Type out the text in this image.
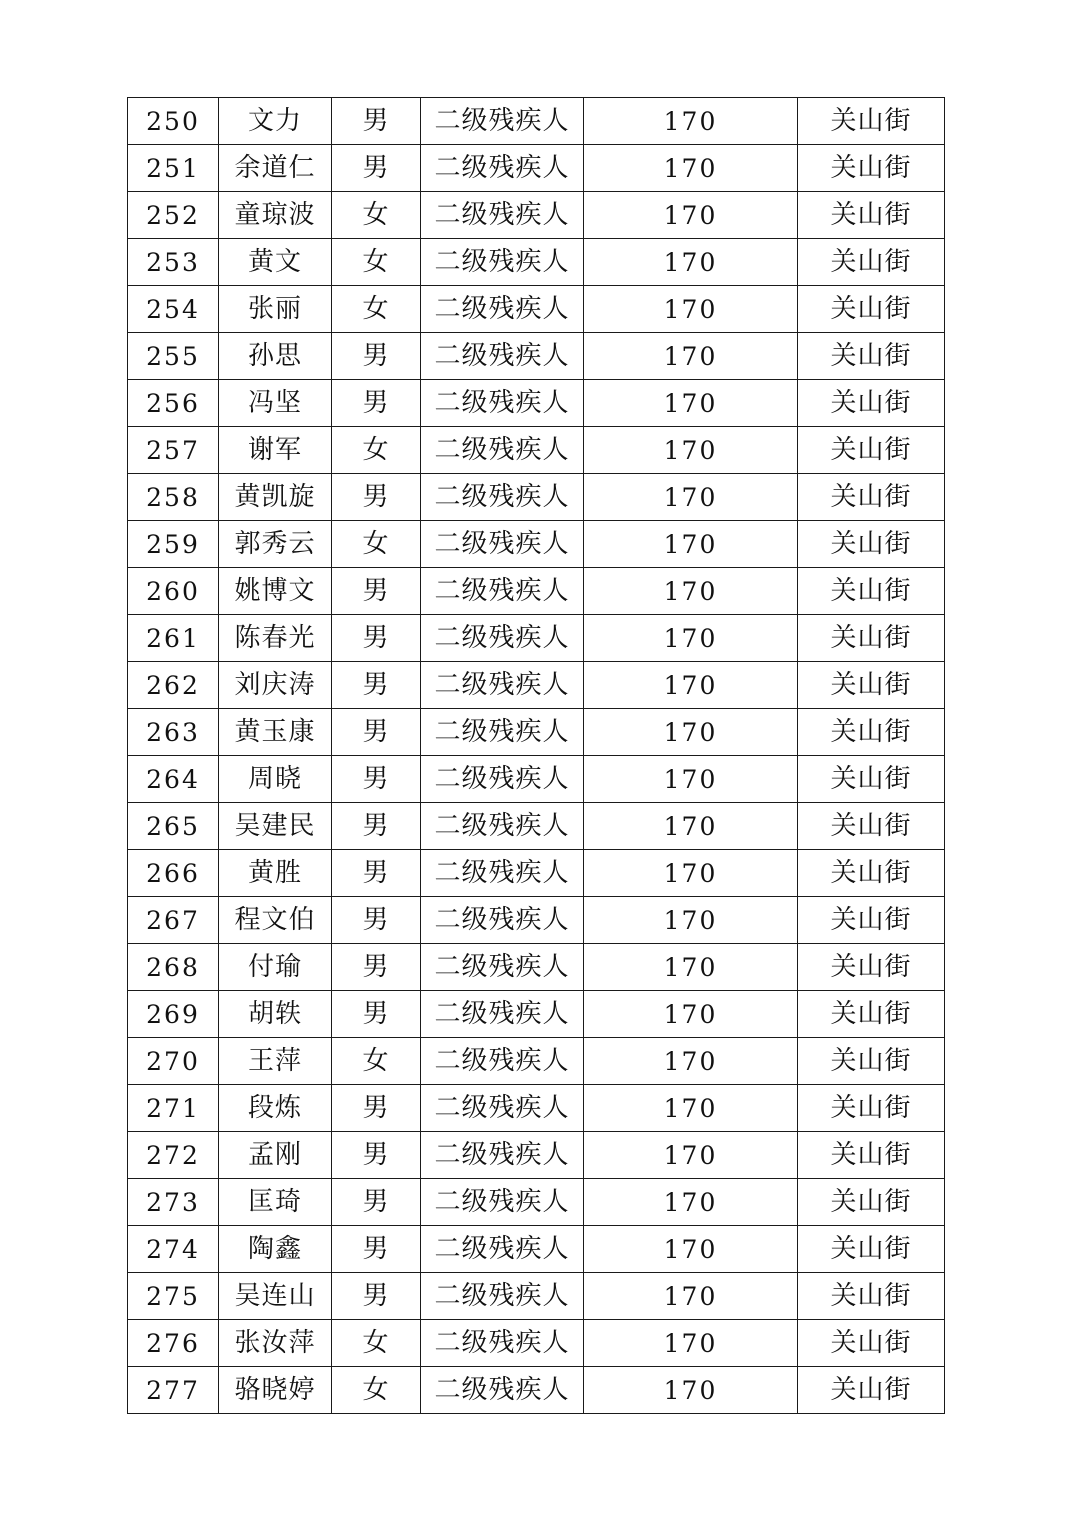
250	文力	男	二级残疾人	170	关山街
251	余道仁	男	二级残疾人	170	关山街
252	童琼波	女	二级残疾人	170	关山街
253	黄文	女	二级残疾人	170	关山街
254	张丽	女	二级残疾人	170	关山街
255	孙思	男	二级残疾人	170	关山街
256	冯坚	男	二级残疾人	170	关山街
257	谢军	女	二级残疾人	170	关山街
258	黄凯旋	男	二级残疾人	170	关山街
259	郭秀云	女	二级残疾人	170	关山街
260	姚博文	男	二级残疾人	170	关山街
261	陈春光	男	二级残疾人	170	关山街
262	刘庆涛	男	二级残疾人	170	关山街
263	黄玉康	男	二级残疾人	170	关山街
264	周晓	男	二级残疾人	170	关山街
265	吴建民	男	二级残疾人	170	关山街
266	黄胜	男	二级残疾人	170	关山街
267	程文伯	男	二级残疾人	170	关山街
268	付瑜	男	二级残疾人	170	关山街
269	胡轶	男	二级残疾人	170	关山街
270	王萍	女	二级残疾人	170	关山街
271	段炼	男	二级残疾人	170	关山街
272	孟刚	男	二级残疾人	170	关山街
273	匡琦	男	二级残疾人	170	关山街
274	陶鑫	男	二级残疾人	170	关山街
275	吴连山	男	二级残疾人	170	关山街
276	张汝萍	女	二级残疾人	170	关山街
277	骆晓婷	女	二级残疾人	170	关山街
